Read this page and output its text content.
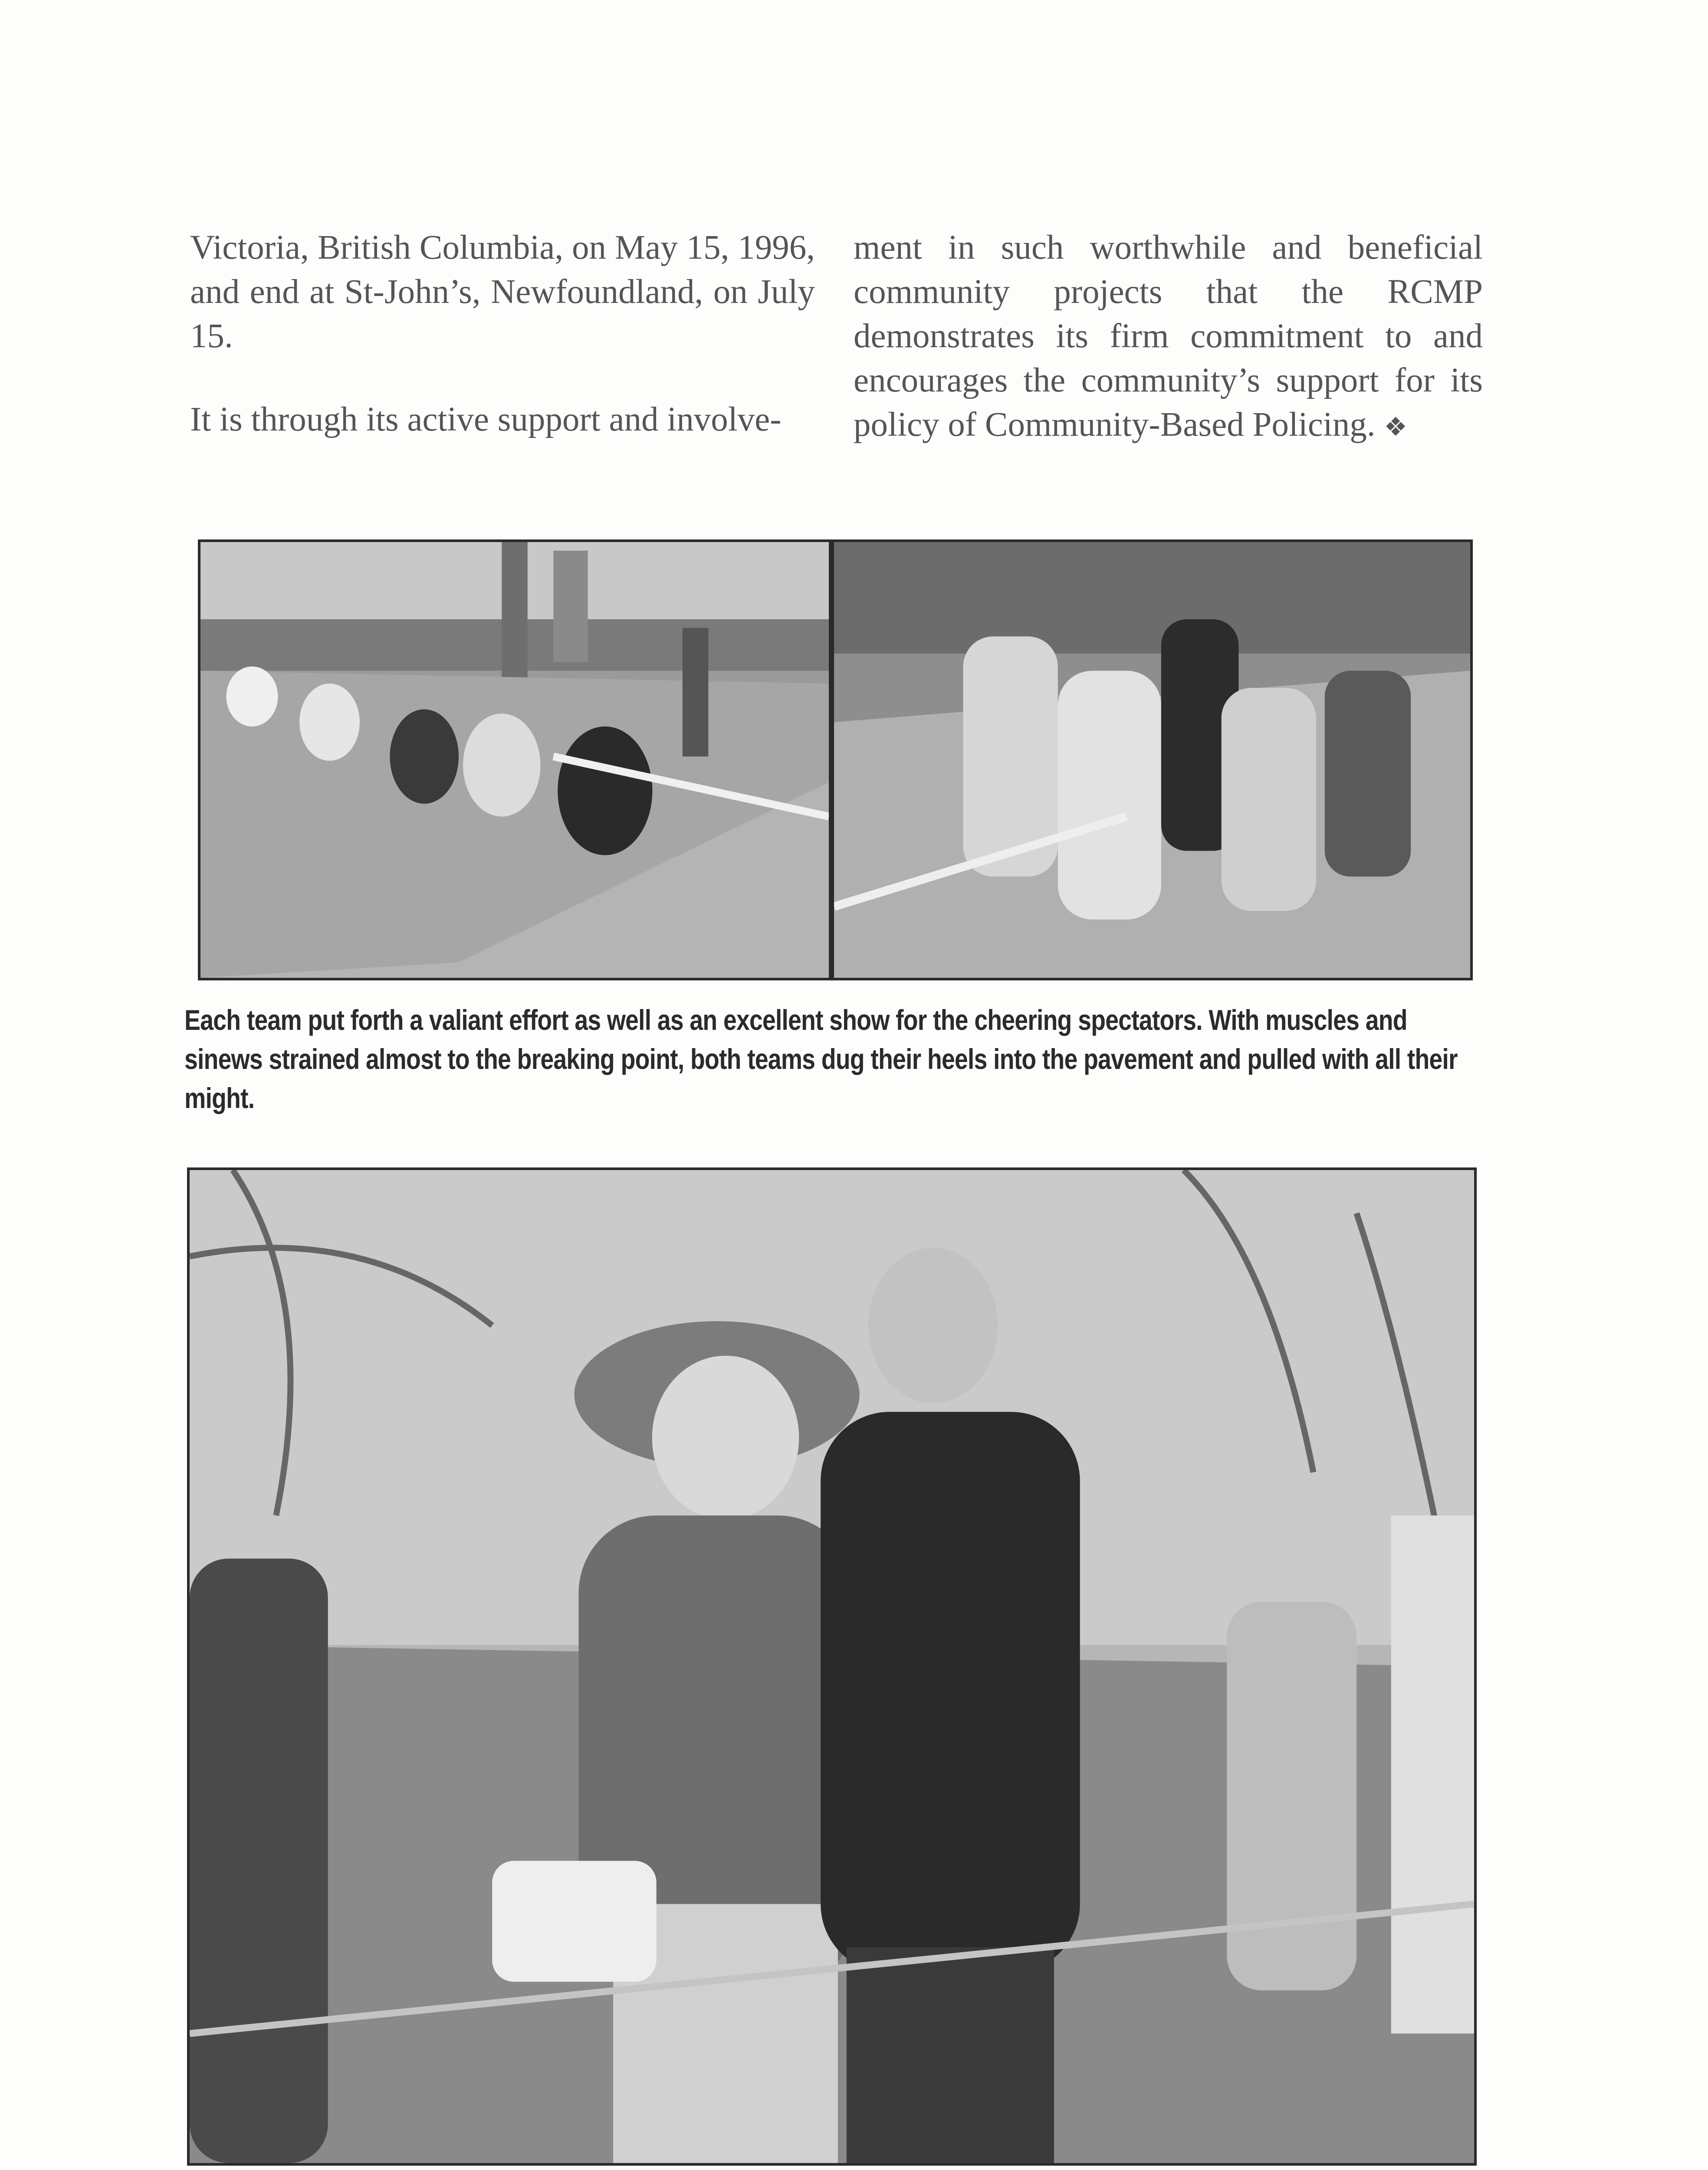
Victoria, British Columbia, on May 15, 1996, and end at St-John’s, Newfoundland, on July 15.

It is through its active support and involve-

ment in such worthwhile and beneficial community projects that the RCMP demonstrates its firm commitment to and encourages the community’s support for its policy of Community-Based Policing. ❖

Each team put forth a valiant effort as well as an excellent show for the cheering spectators. With muscles and sinews strained almost to the breaking point, both teams dug their heels into the pavement and pulled with all their might.
